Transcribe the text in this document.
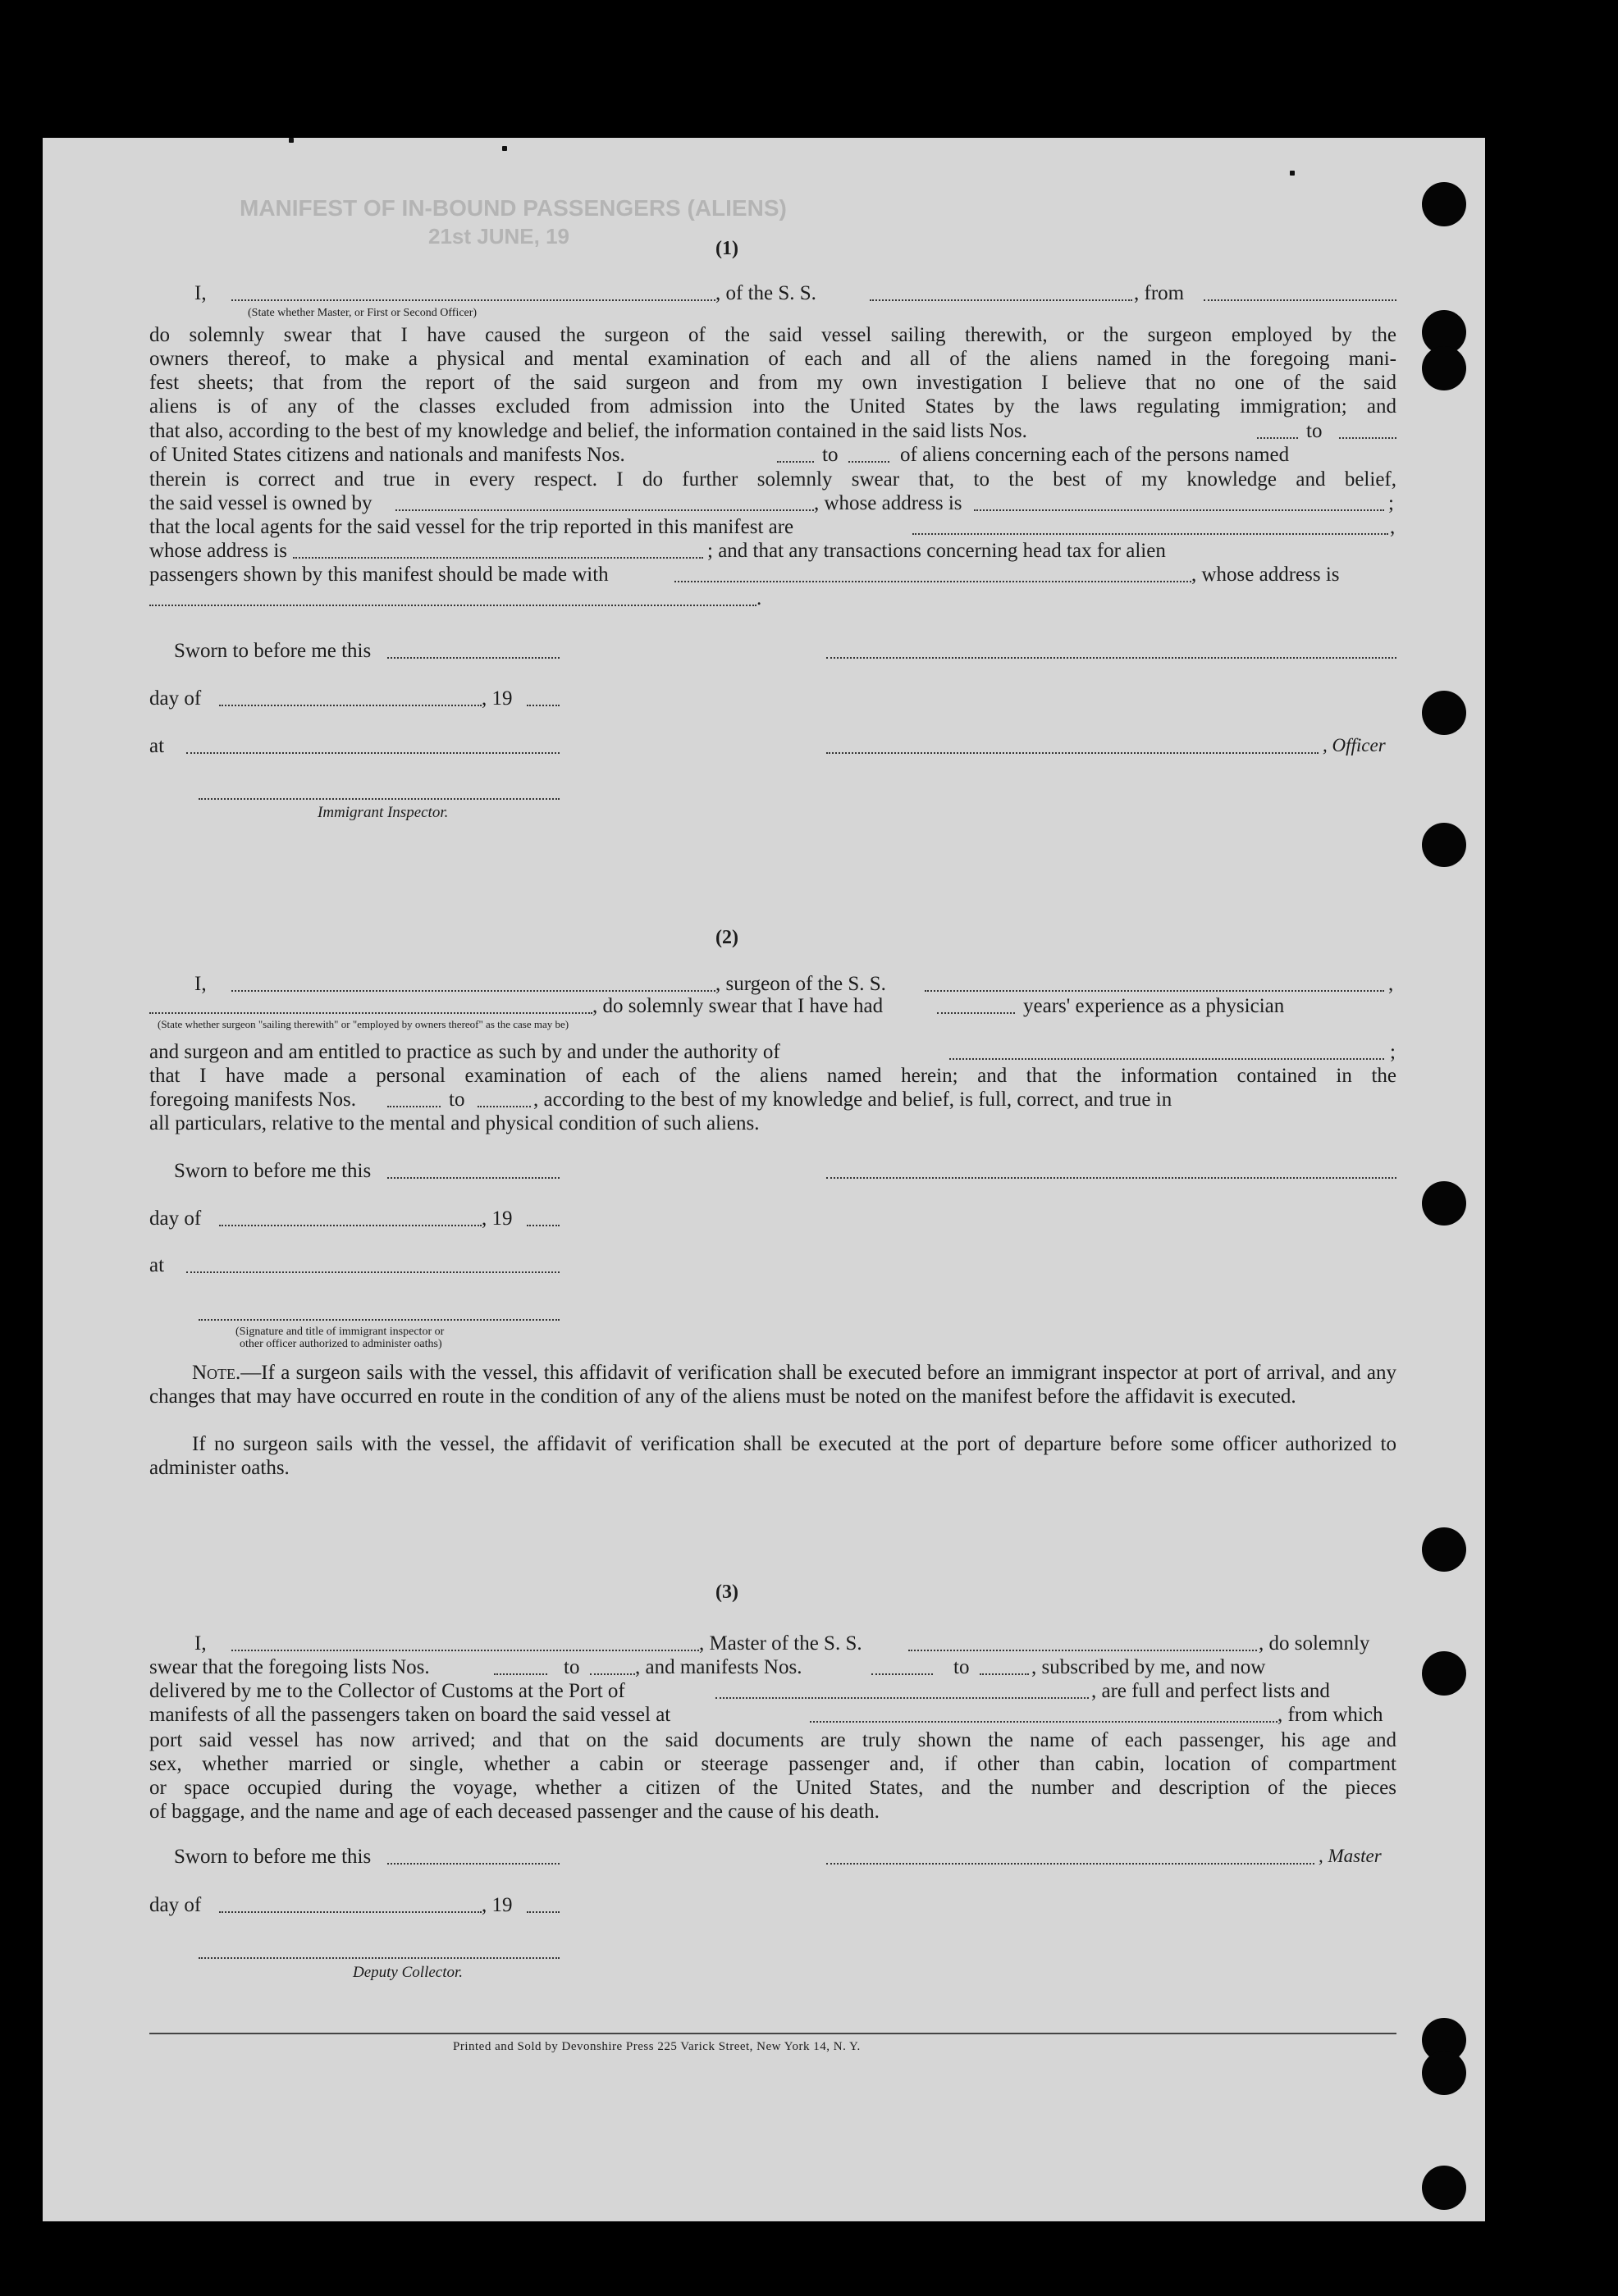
MANIFEST OF IN-BOUND PASSENGERS (ALIENS)
21st JUNE, 19	(1)
I,	, of the S. S.	, from
(State whether Master, or First or Second Officer)
do solemnly swear that I have caused the surgeon of the said vessel sailing therewith, or the surgeon employed by the
owners thereof, to make a physical and mental examination of each and all of the aliens named in the foregoing mani-
fest sheets; that from the report of the said surgeon and from my own investigation I believe that no one of the said
aliens is of any of the classes excluded from admission into the United States by the laws regulating immigration; and
that also, according to the best of my knowledge and belief, the information contained in the said lists Nos.	to
of United States citizens and nationals and manifests Nos.	to	of aliens concerning each of the persons named
therein is correct and true in every respect. I do further solemnly swear that, to the best of my knowledge and belief,
the said vessel is owned by	, whose address is	;
that the local agents for the said vessel for the trip reported in this manifest are	,
whose address is	; and that any transactions concerning head tax for alien
passengers shown by this manifest should be made with	, whose address is
.
Sworn to before me this
day of	, 19
at	, Officer
Immigrant Inspector.
(2)
I,	, surgeon of the S. S.	,
, do solemnly swear that I have had	years' experience as a physician
(State whether surgeon "sailing therewith" or "employed by owners thereof" as the case may be)
and surgeon and am entitled to practice as such by and under the authority of	;
that I have made a personal examination of each of the aliens named herein; and that the information contained in the
foregoing manifests Nos.	to	, according to the best of my knowledge and belief, is full, correct, and true in
all particulars, relative to the mental and physical condition of such aliens.
Sworn to before me this
day of	, 19
at
(Signature and title of immigrant inspector or
other officer authorized to administer oaths)
Note.—If a surgeon sails with the vessel, this affidavit of verification shall be executed before an immigrant inspector at port of arrival, and any changes that may have occurred en route in the condition of any of the aliens must be noted on the manifest before the affidavit is executed.
If no surgeon sails with the vessel, the affidavit of verification shall be executed at the port of departure before some officer authorized to administer oaths.
(3)
I,	, Master of the S. S.	, do solemnly
swear that the foregoing lists Nos.	to	, and manifests Nos.	to	, subscribed by me, and now
delivered by me to the Collector of Customs at the Port of	, are full and perfect lists and
manifests of all the passengers taken on board the said vessel at	, from which
port said vessel has now arrived; and that on the said documents are truly shown the name of each passenger, his age and
sex, whether married or single, whether a cabin or steerage passenger and, if other than cabin, location of compartment
or space occupied during the voyage, whether a citizen of the United States, and the number and description of the pieces
of baggage, and the name and age of each deceased passenger and the cause of his death.
Sworn to before me this	, Master
day of	, 19
Deputy Collector.
Printed and Sold by Devonshire Press 225 Varick Street, New York 14, N. Y.
